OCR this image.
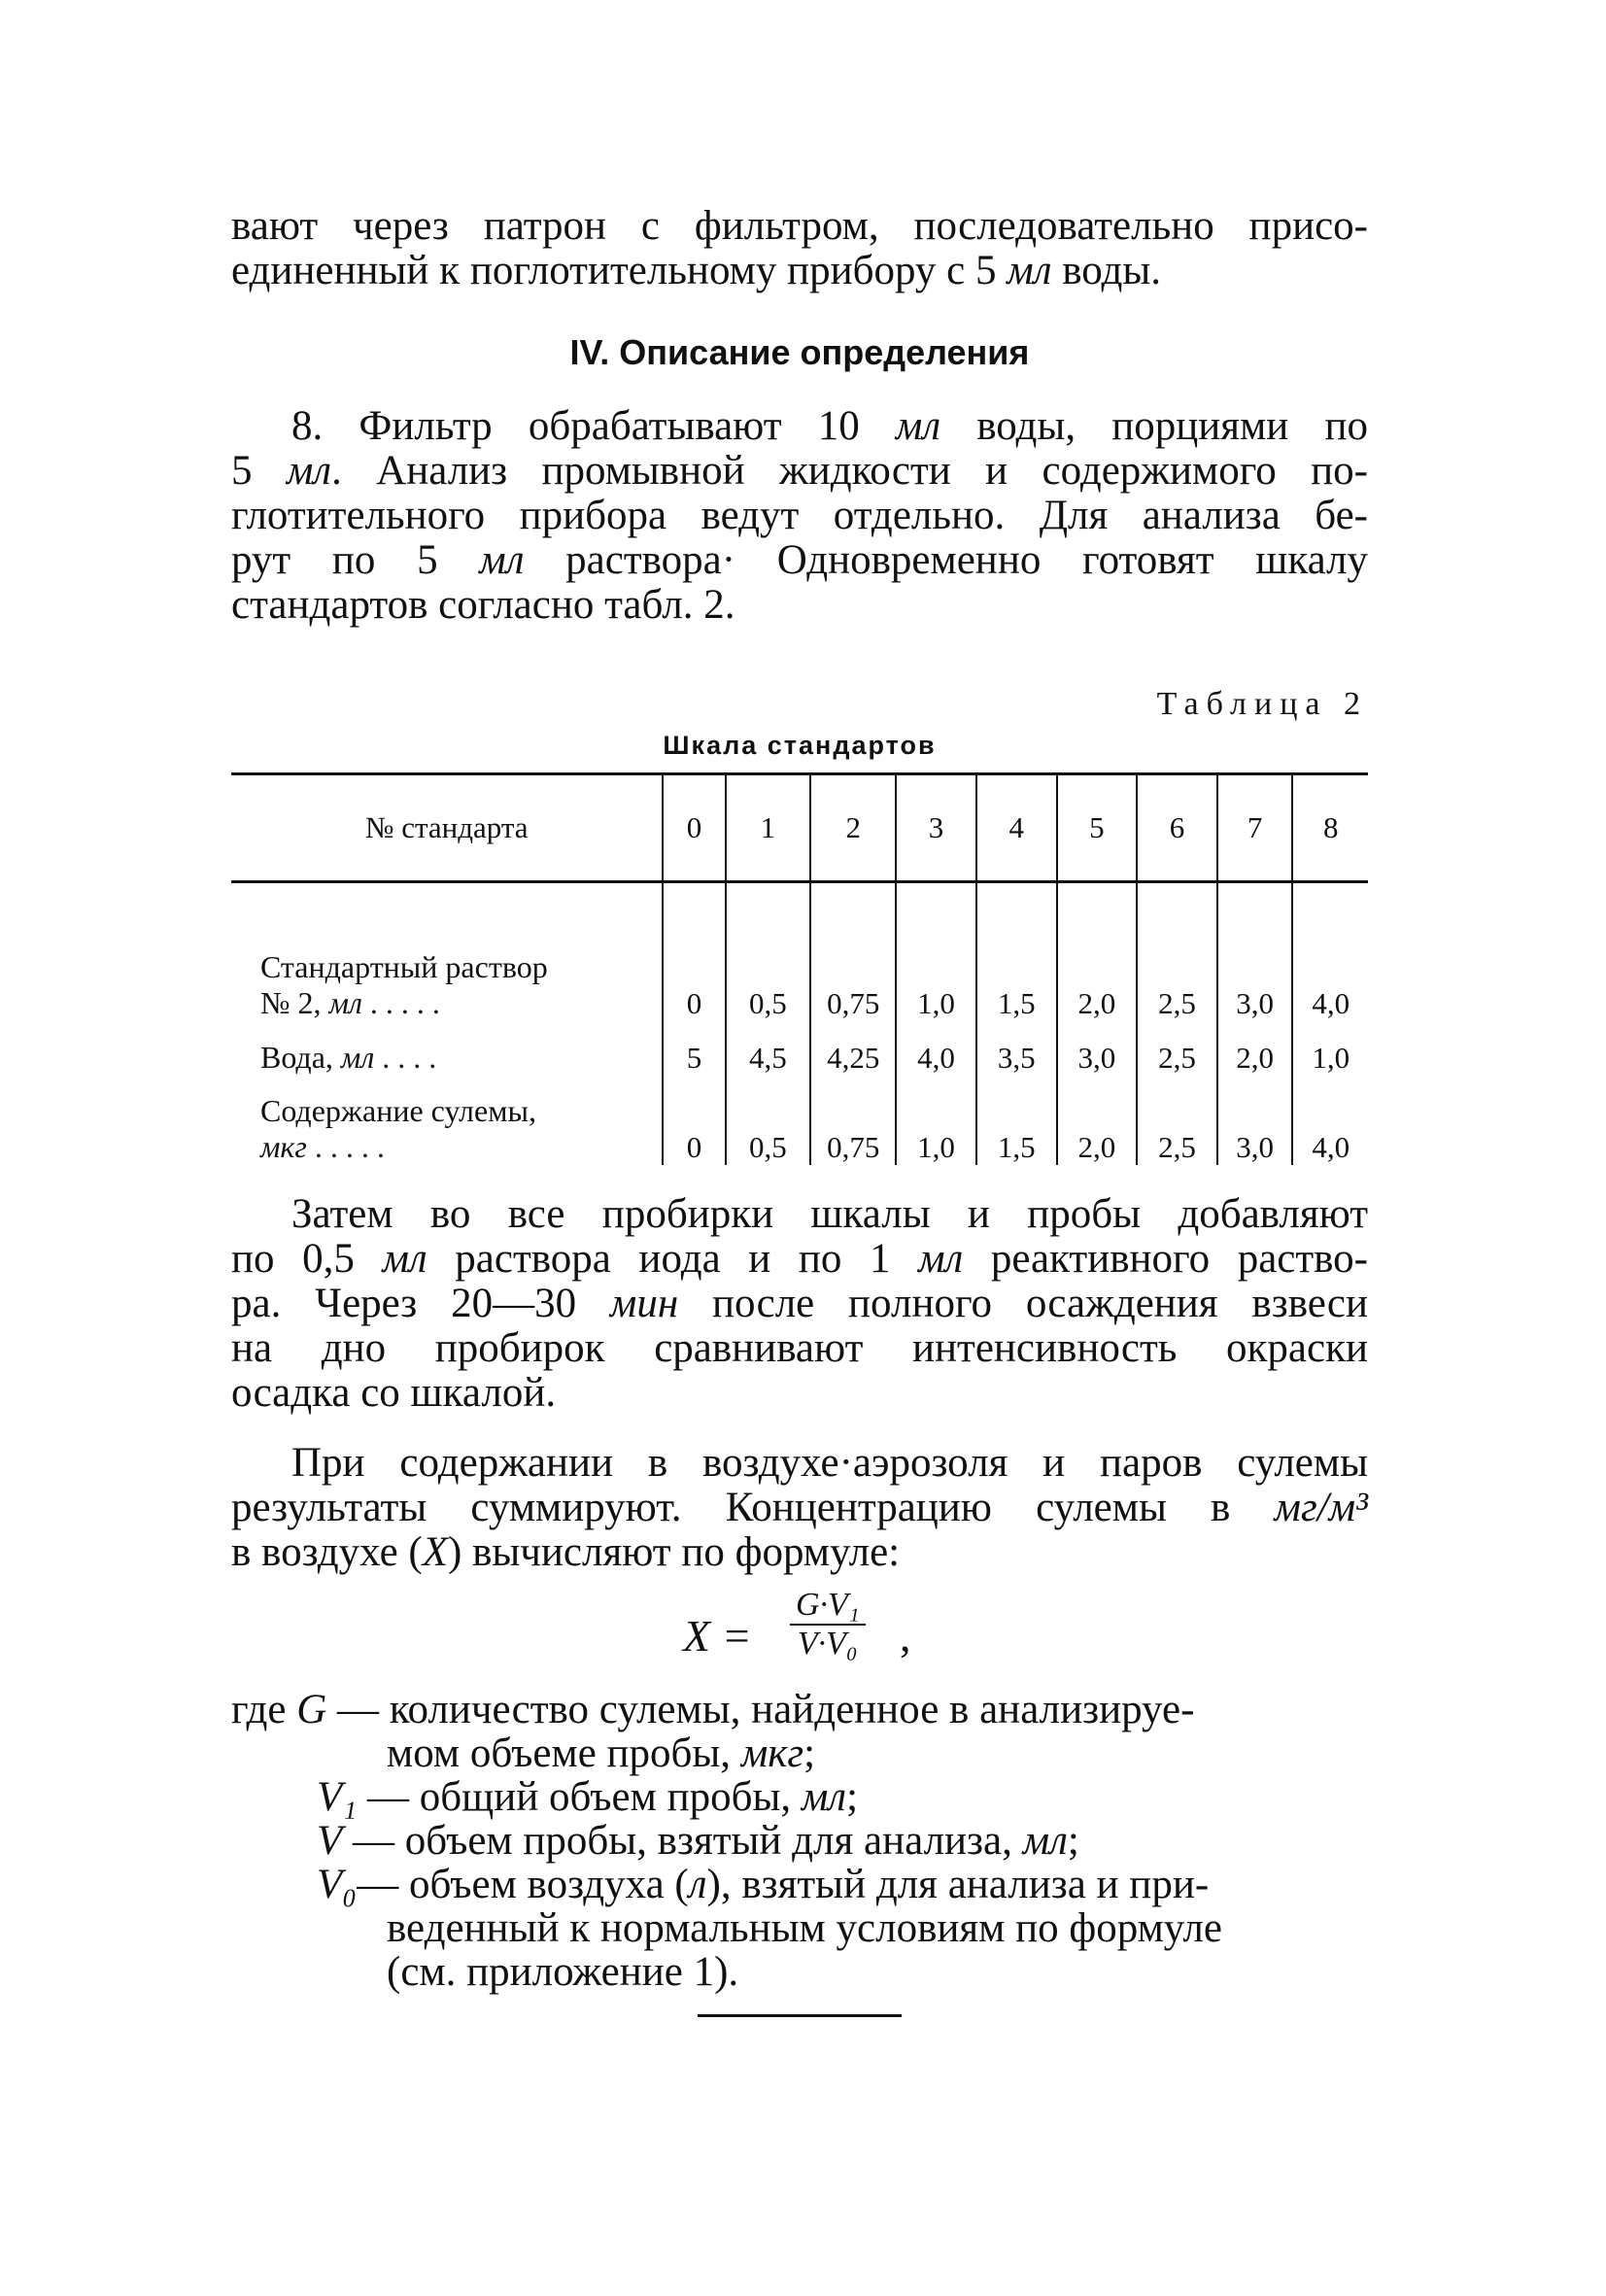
вают через патрон с фильтром, последовательно присо-

единенный к поглотительному прибору с 5 мл воды.

IV. Описание определения

8. Фильтр обрабатывают 10 мл воды, порциями по

5 мл. Анализ промывной жидкости и содержимого по-

глотительного прибора ведут отдельно. Для анализа бе-

рут по 5 мл раствора· Одновременно готовят шкалу

стандартов согласно табл. 2.

Таблица 2

Шкала стандартов

№ стандарта	0	1	2	3	4	5	6	7	8

Стандартный раствор
№ 2, мл . . . . .	0	0,5	0,75	1,0	1,5	2,0	2,5	3,0	4,0
Вода, мл . . . .	5	4,5	4,25	4,0	3,5	3,0	2,5	2,0	1,0

Содержание сулемы,
мкг . . . . .	0	0,5	0,75	1,0	1,5	2,0	2,5	3,0	4,0

Затем во все пробирки шкалы и пробы добавляют

по 0,5 мл раствора иода и по 1 мл реактивного раство-

ра. Через 20—30 мин после полного осаждения взвеси

на дно пробирок сравнивают интенсивность окраски

осадка со шкалой.

При содержании в воздухе·аэрозоля и паров сулемы

результаты суммируют. Концентрацию сулемы в мг/м³

в воздухе (X) вычисляют по формуле:

$X = \frac{\text{G·V₁}}{\text{V·V₀}}$ ,
где G — количество сулемы, найденное в анализируе-
мом объеме пробы, мкг;
V₁ — общий объем пробы, мл;
V — объем пробы, взятый для анализа, мл;
V₀— объем воздуха (л), взятый для анализа и при-
веденный к нормальным условиям по формуле
(см. приложение 1).
